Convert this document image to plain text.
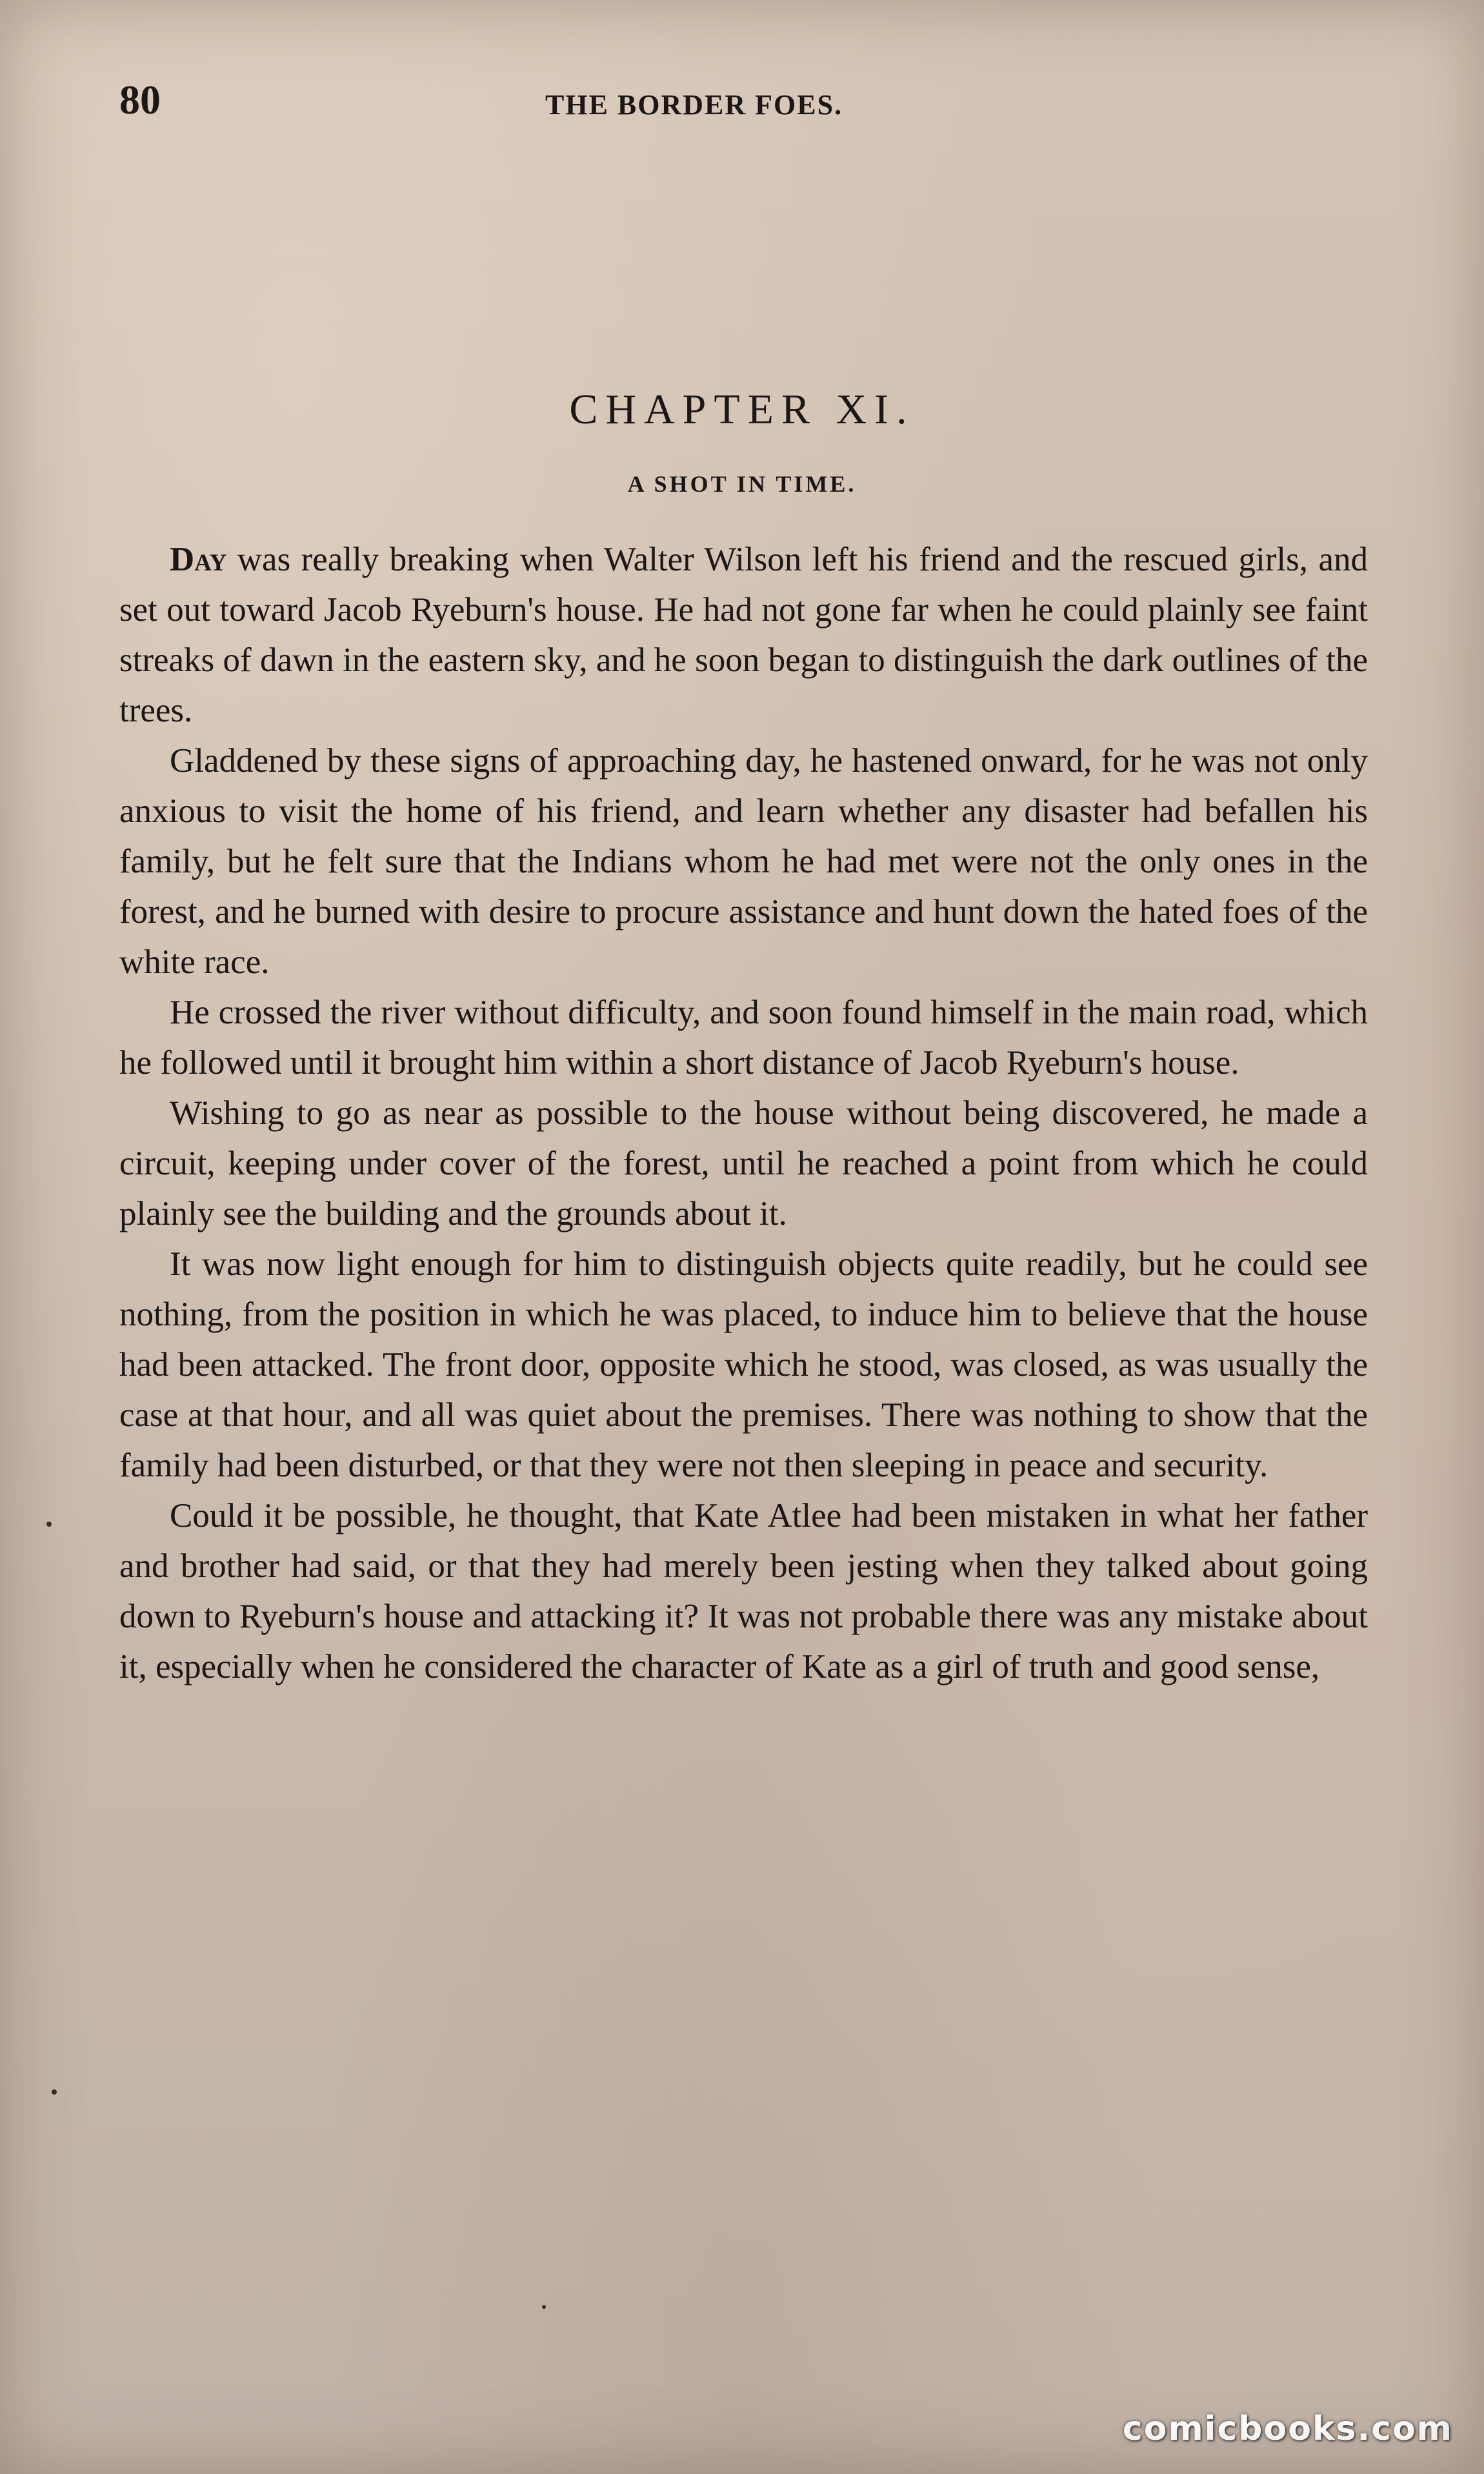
80	THE BORDER FOES.
CHAPTER XI.
A SHOT IN TIME.

Day was really breaking when Walter Wilson left his friend and the rescued girls, and set out toward Jacob Ryeburn's house. He had not gone far when he could plainly see faint streaks of dawn in the eastern sky, and he soon began to distinguish the dark outlines of the trees.

Gladdened by these signs of approaching day, he hastened onward, for he was not only anxious to visit the home of his friend, and learn whether any disaster had befallen his family, but he felt sure that the Indians whom he had met were not the only ones in the forest, and he burned with desire to procure assistance and hunt down the hated foes of the white race.

He crossed the river without difficulty, and soon found himself in the main road, which he followed until it brought him within a short distance of Jacob Ryeburn's house.

Wishing to go as near as possible to the house without being discovered, he made a circuit, keeping under cover of the forest, until he reached a point from which he could plainly see the building and the grounds about it.

It was now light enough for him to distinguish objects quite readily, but he could see nothing, from the position in which he was placed, to induce him to believe that the house had been attacked. The front door, opposite which he stood, was closed, as was usually the case at that hour, and all was quiet about the premises. There was nothing to show that the family had been disturbed, or that they were not then sleeping in peace and security.

Could it be possible, he thought, that Kate Atlee had been mistaken in what her father and brother had said, or that they had merely been jesting when they talked about going down to Ryeburn's house and attacking it? It was not probable there was any mistake about it, especially when he considered the character of Kate as a girl of truth and good sense,

comicbooks.com
